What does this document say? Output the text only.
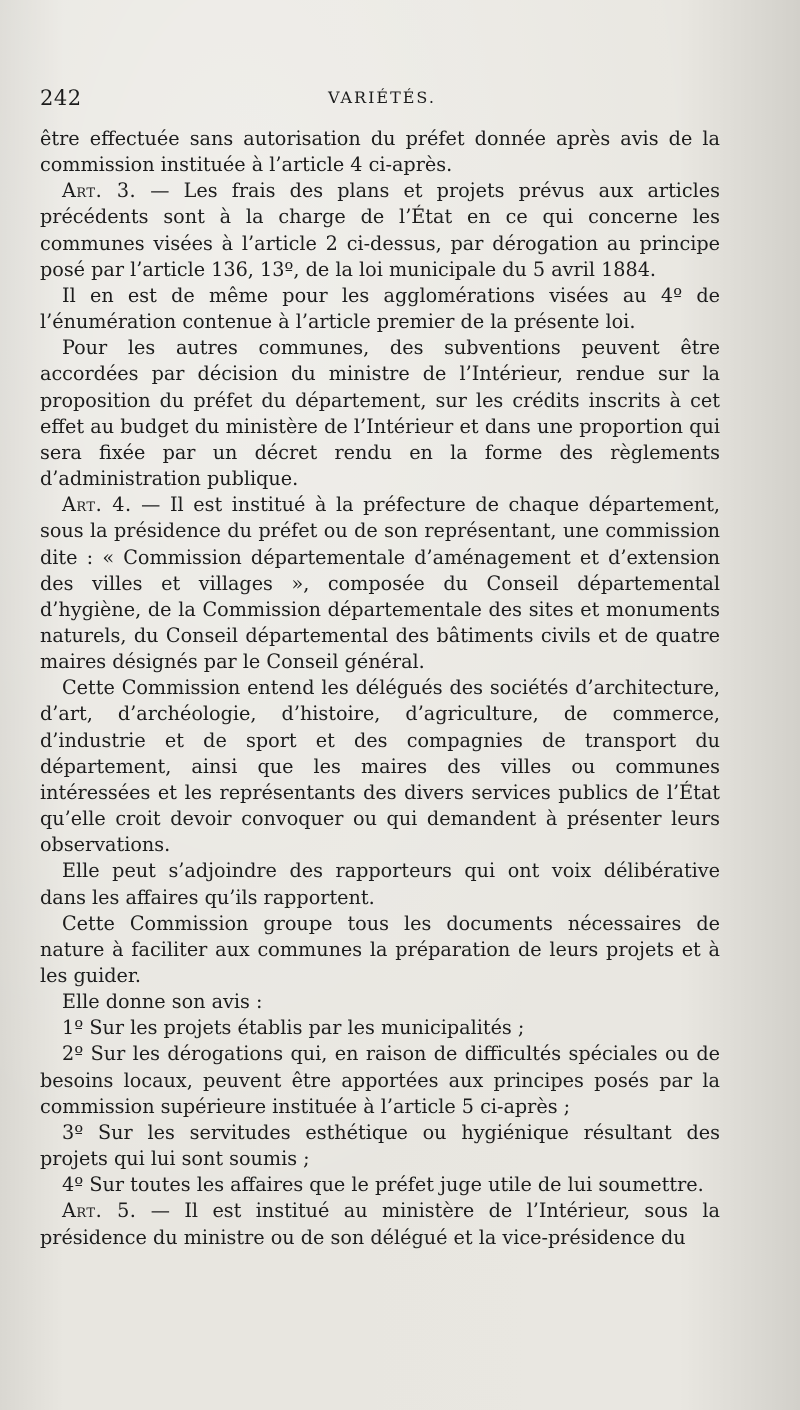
242	VARIÉTÉS.

être effectuée sans autorisation du préfet donnée après avis de la commission instituée à l’article 4 ci-après.

Art. 3. — Les frais des plans et projets prévus aux articles précédents sont à la charge de l’État en ce qui concerne les communes visées à l’article 2 ci-dessus, par dérogation au principe posé par l’article 136, 13º, de la loi municipale du 5 avril 1884.

Il en est de même pour les agglomérations visées au 4º de l’énumération contenue à l’article premier de la présente loi.

Pour les autres communes, des subventions peuvent être accordées par décision du ministre de l’Intérieur, rendue sur la proposition du préfet du département, sur les crédits inscrits à cet effet au budget du ministère de l’Intérieur et dans une proportion qui sera fixée par un décret rendu en la forme des règlements d’administration publique.

Art. 4. — Il est institué à la préfecture de chaque département, sous la présidence du préfet ou de son représentant, une commission dite : « Commission départementale d’aménagement et d’extension des villes et villages », composée du Conseil départemental d’hygiène, de la Commission départementale des sites et monuments naturels, du Conseil départemental des bâtiments civils et de quatre maires désignés par le Conseil général.

Cette Commission entend les délégués des sociétés d’architecture, d’art, d’archéologie, d’histoire, d’agriculture, de commerce, d’industrie et de sport et des compagnies de transport du département, ainsi que les maires des villes ou communes intéressées et les représentants des divers services publics de l’État qu’elle croit devoir convoquer ou qui demandent à présenter leurs observations.

Elle peut s’adjoindre des rapporteurs qui ont voix délibérative dans les affaires qu’ils rapportent.

Cette Commission groupe tous les documents nécessaires de nature à faciliter aux communes la préparation de leurs projets et à les guider.

Elle donne son avis :

1º Sur les projets établis par les municipalités ;

2º Sur les dérogations qui, en raison de difficultés spéciales ou de besoins locaux, peuvent être apportées aux principes posés par la commission supérieure instituée à l’article 5 ci-après ;

3º Sur les servitudes esthétique ou hygiénique résultant des projets qui lui sont soumis ;

4º Sur toutes les affaires que le préfet juge utile de lui soumettre.

Art. 5. — Il est institué au ministère de l’Intérieur, sous la présidence du ministre ou de son délégué et la vice-présidence du
